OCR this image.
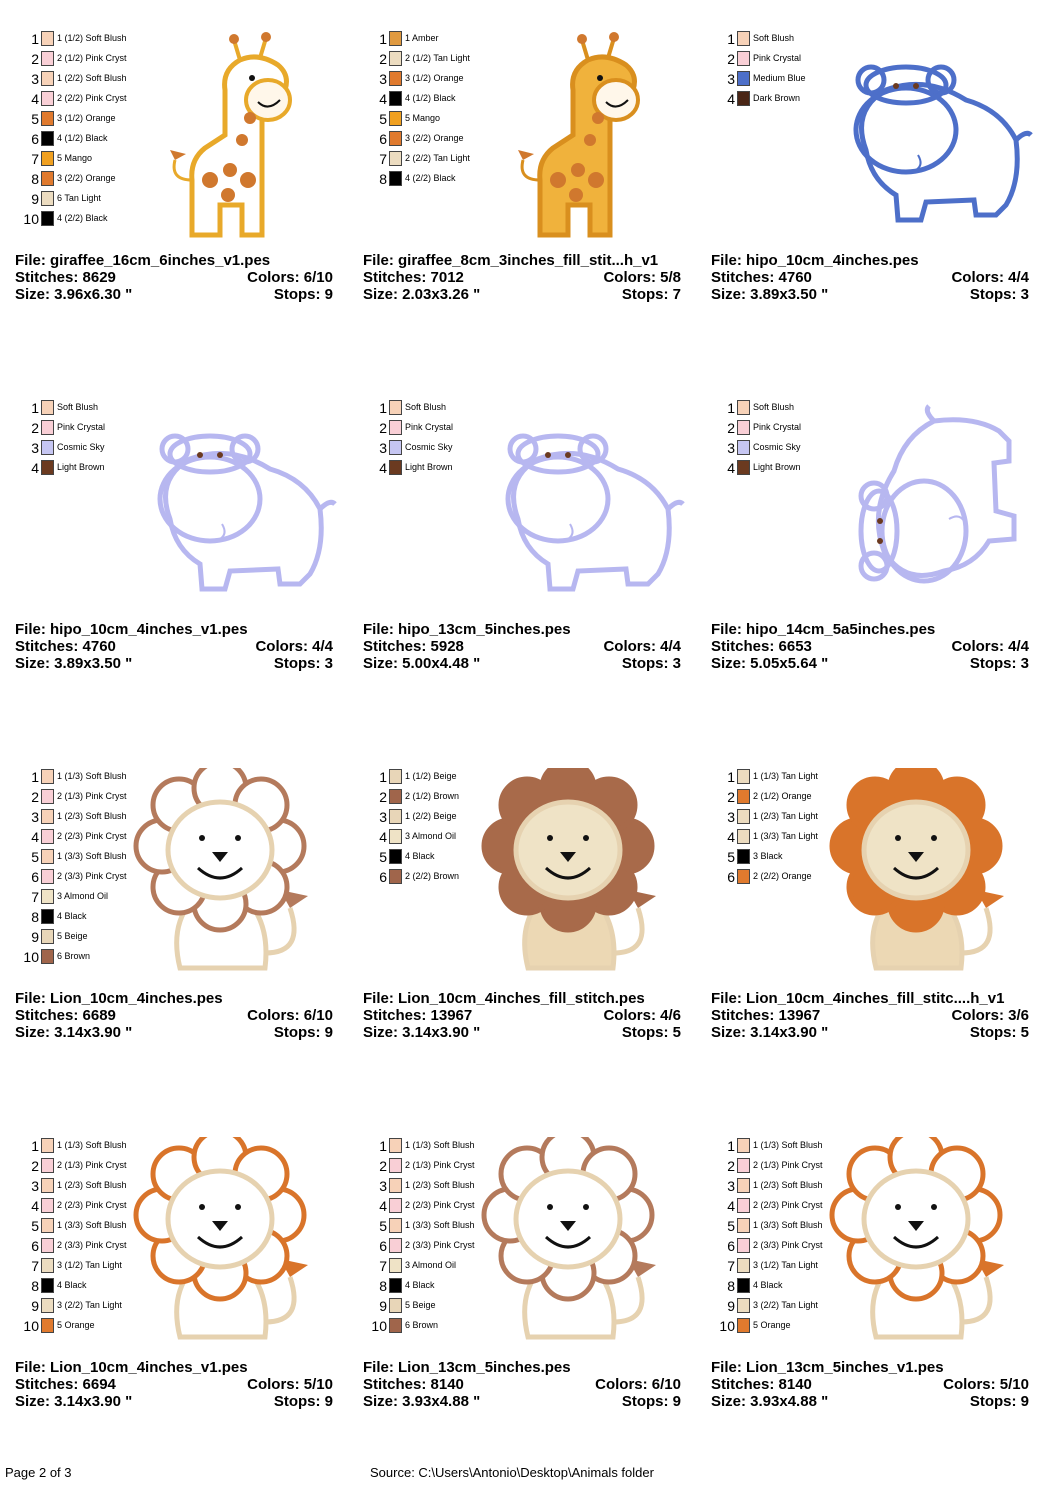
1 1 (1/2) Soft Blush
2 2 (1/2) Pink Cryst
3 1 (2/2) Soft Blush
4 2 (2/2) Pink Cryst
5 3 (1/2) Orange
6 4 (1/2) Black
7 5 Mango
8 3 (2/2) Orange
9 6 Tan Light
10 4 (2/2) Black
File: giraffee_16cm_6inches_v1.pes
Stitches: 8629	Colors: 6/10
Size: 3.96x6.30 "	Stops: 9
1 1 Amber
2 2 (1/2) Tan Light
3 3 (1/2) Orange
4 4 (1/2) Black
5 5 Mango
6 3 (2/2) Orange
7 2 (2/2) Tan Light
8 4 (2/2) Black
File: giraffee_8cm_3inches_fill_stit...h_v1
Stitches: 7012	Colors: 5/8
Size: 2.03x3.26 "	Stops: 7
1 Soft Blush
2 Pink Crystal
3 Medium Blue
4 Dark Brown
File: hipo_10cm_4inches.pes
Stitches: 4760	Colors: 4/4
Size: 3.89x3.50 "	Stops: 3
1 Soft Blush
2 Pink Crystal
3 Cosmic Sky
4 Light Brown
File: hipo_10cm_4inches_v1.pes
Stitches: 4760	Colors: 4/4
Size: 3.89x3.50 "	Stops: 3
1 Soft Blush
2 Pink Crystal
3 Cosmic Sky
4 Light Brown
File: hipo_13cm_5inches.pes
Stitches: 5928	Colors: 4/4
Size: 5.00x4.48 "	Stops: 3
1 Soft Blush
2 Pink Crystal
3 Cosmic Sky
4 Light Brown
File: hipo_14cm_5a5inches.pes
Stitches: 6653	Colors: 4/4
Size: 5.05x5.64 "	Stops: 3
1 1 (1/3) Soft Blush
2 2 (1/3) Pink Cryst
3 1 (2/3) Soft Blush
4 2 (2/3) Pink Cryst
5 1 (3/3) Soft Blush
6 2 (3/3) Pink Cryst
7 3 Almond Oil
8 4 Black
9 5 Beige
10 6 Brown
File: Lion_10cm_4inches.pes
Stitches: 6689	Colors: 6/10
Size: 3.14x3.90 "	Stops: 9
1 1 (1/2) Beige
2 2 (1/2) Brown
3 1 (2/2) Beige
4 3 Almond Oil
5 4 Black
6 2 (2/2) Brown
File: Lion_10cm_4inches_fill_stitch.pes
Stitches: 13967	Colors: 4/6
Size: 3.14x3.90 "	Stops: 5
1 1 (1/3) Tan Light
2 2 (1/2) Orange
3 1 (2/3) Tan Light
4 1 (3/3) Tan Light
5 3 Black
6 2 (2/2) Orange
File: Lion_10cm_4inches_fill_stitc....h_v1
Stitches: 13967	Colors: 3/6
Size: 3.14x3.90 "	Stops: 5
1 1 (1/3) Soft Blush
2 2 (1/3) Pink Cryst
3 1 (2/3) Soft Blush
4 2 (2/3) Pink Cryst
5 1 (3/3) Soft Blush
6 2 (3/3) Pink Cryst
7 3 (1/2) Tan Light
8 4 Black
9 3 (2/2) Tan Light
10 5 Orange
File: Lion_10cm_4inches_v1.pes
Stitches: 6694	Colors: 5/10
Size: 3.14x3.90 "	Stops: 9
1 1 (1/3) Soft Blush
2 2 (1/3) Pink Cryst
3 1 (2/3) Soft Blush
4 2 (2/3) Pink Cryst
5 1 (3/3) Soft Blush
6 2 (3/3) Pink Cryst
7 3 Almond Oil
8 4 Black
9 5 Beige
10 6 Brown
File: Lion_13cm_5inches.pes
Stitches: 8140	Colors: 6/10
Size: 3.93x4.88 "	Stops: 9
1 1 (1/3) Soft Blush
2 2 (1/3) Pink Cryst
3 1 (2/3) Soft Blush
4 2 (2/3) Pink Cryst
5 1 (3/3) Soft Blush
6 2 (3/3) Pink Cryst
7 3 (1/2) Tan Light
8 4 Black
9 3 (2/2) Tan Light
10 5 Orange
File: Lion_13cm_5inches_v1.pes
Stitches: 8140	Colors: 5/10
Size: 3.93x4.88 "	Stops: 9
Page 2 of 3	Source: C:\Users\Antonio\Desktop\Animals folder
